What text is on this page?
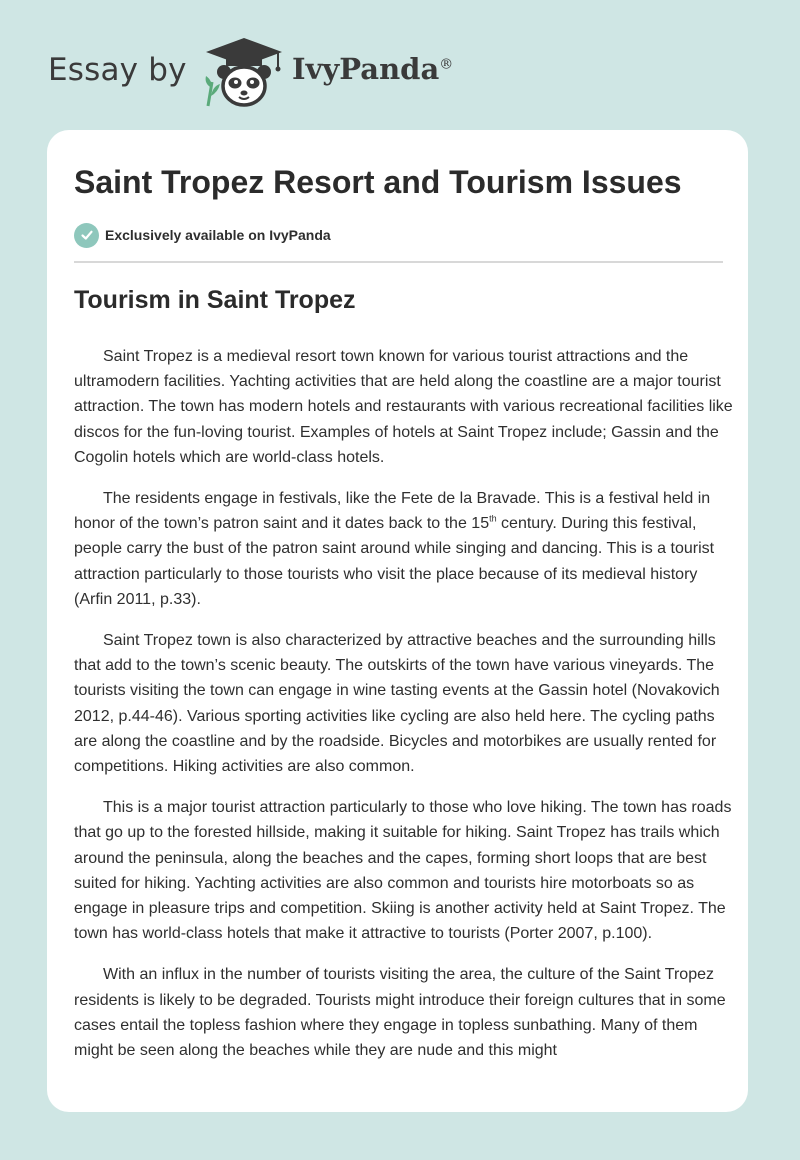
Essay by	IvyPanda®
Saint Tropez Resort and Tourism Issues
Exclusively available on IvyPanda
Tourism in Saint Tropez

Saint Tropez is a medieval resort town known for various tourist attractions and the ultramodern facilities. Yachting activities that are held along the coastline are a major tourist attraction. The town has modern hotels and restaurants with various recreational facilities like discos for the fun-loving tourist. Examples of hotels at Saint Tropez include; Gassin and the Cogolin hotels which are world-class hotels.

The residents engage in festivals, like the Fete de la Bravade. This is a festival held in honor of the town’s patron saint and it dates back to the 15th century. During this festival, people carry the bust of the patron saint around while singing and dancing. This is a tourist attraction particularly to those tourists who visit the place because of its medieval history (Arfin 2011, p.33).

Saint Tropez town is also characterized by attractive beaches and the surrounding hills that add to the town’s scenic beauty. The outskirts of the town have various vineyards. The tourists visiting the town can engage in wine tasting events at the Gassin hotel (Novakovich 2012, p.44-46). Various sporting activities like cycling are also held here. The cycling paths are along the coastline and by the roadside. Bicycles and motorbikes are usually rented for competitions. Hiking activities are also common.

This is a major tourist attraction particularly to those who love hiking. The town has roads that go up to the forested hillside, making it suitable for hiking. Saint Tropez has trails which around the peninsula, along the beaches and the capes, forming short loops that are best suited for hiking. Yachting activities are also common and tourists hire motorboats so as engage in pleasure trips and competition. Skiing is another activity held at Saint Tropez. The town has world-class hotels that make it attractive to tourists (Porter 2007, p.100).

With an influx in the number of tourists visiting the area, the culture of the Saint Tropez residents is likely to be degraded. Tourists might introduce their foreign cultures that in some cases entail the topless fashion where they engage in topless sunbathing. Many of them might be seen along the beaches while they are nude and this might
